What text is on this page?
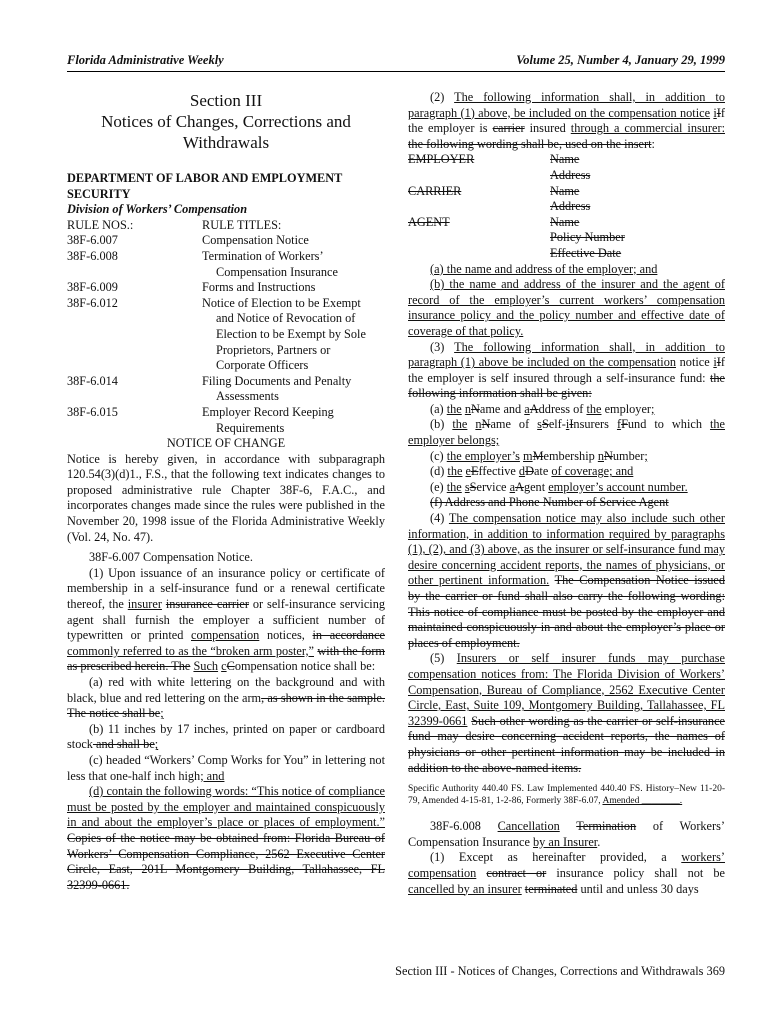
Florida Administrative Weekly	Volume 25, Number 4, January 29, 1999
Section III
Notices of Changes, Corrections and
Withdrawals
DEPARTMENT OF LABOR AND EMPLOYMENT
SECURITY
Division of Workers’ Compensation
RULE NOS.:	RULE TITLES:
38F-6.007	Compensation Notice
38F-6.008	Termination of Workers’
Compensation Insurance
38F-6.009	Forms and Instructions
38F-6.012	Notice of Election to be Exempt
and Notice of Revocation of
Election to be Exempt by Sole
Proprietors, Partners or
Corporate Officers
38F-6.014	Filing Documents and Penalty
Assessments
38F-6.015	Employer Record Keeping
Requirements
NOTICE OF CHANGE

Notice is hereby given, in accordance with subparagraph 120.54(3)(d)1., F.S., that the following text indicates changes to proposed administrative rule Chapter 38F-6, F.A.C., and incorporates changes made since the rules were published in the November 20, 1998 issue of the Florida Administrative Weekly (Vol. 24, No. 47).

38F-6.007 Compensation Notice.

(1) Upon issuance of an insurance policy or certificate of membership in a self-insurance fund or a renewal certificate thereof, the insurer insurance carrier or self-insurance servicing agent shall furnish the employer a sufficient number of typewritten or printed compensation notices, in accordance commonly referred to as the “broken arm poster,” with the form as prescribed herein. The Such cCompensation notice shall be:

(a) red with white lettering on the background and with black, blue and red lettering on the arm, as shown in the sample. The notice shall be;

(b) 11 inches by 17 inches, printed on paper or cardboard stock and shall be;

(c) headed “Workers’ Comp Works for You” in lettering not less that one-half inch high; and

(d) contain the following words: “This notice of compliance must be posted by the employer and maintained conspicuously in and about the employer’s place or places of employment.” Copies of the notice may be obtained from: Florida Bureau of Workers’ Compensation Compliance, 2562 Executive Center Circle, East, 201L Montgomery Building, Tallahassee, FL 32399-0661.

(2) The following information shall, in addition to paragraph (1) above, be included on the compensation notice iIf the employer is carrier insured through a commercial insurer: the following wording shall be, used on the insert:

EMPLOYER	Name
Address
CARRIER	Name
Address
AGENT	Name
Policy Number
Effective Date

(a) the name and address of the employer; and

(b) the name and address of the insurer and the agent of record of the employer’s current workers’ compensation insurance policy and the policy number and effective date of coverage of that policy.

(3) The following information shall, in addition to paragraph (1) above be included on the compensation notice iIf the employer is self insured through a self-insurance fund: the following information shall be given:

(a) the nName and aAddress of the employer;

(b) the nName of sSelf-iInsurers fFund to which the employer belongs;

(c) the employer’s mMembership nNumber;

(d) the eEffective dDate of coverage; and

(e) the sService aAgent employer’s account number.

(f) Address and Phone Number of Service Agent

(4) The compensation notice may also include such other information, in addition to information required by paragraphs (1), (2), and (3) above, as the insurer or self-insurance fund may desire concerning accident reports, the names of physicians, or other pertinent information. The Compensation Notice issued by the carrier or fund shall also carry the following wording: This notice of compliance must be posted by the employer and maintained conspicuously in and about the employer’s place or places of employment.

(5) Insurers or self insurer funds may purchase compensation notices from: The Florida Division of Workers’ Compensation, Bureau of Compliance, 2562 Executive Center Circle, East, Suite 109, Montgomery Building, Tallahassee, FL 32399-0661 Such other wording as the carrier or self-insurance fund may desire concerning accident reports, the names of physicians or other pertinent information may be included in addition to the above-named items.

Specific Authority 440.40 FS. Law Implemented 440.40 FS. History–New 11-20-79, Amended 4-15-81, 1-2-86, Formerly 38F-6.07, Amended ________.

38F-6.008 Cancellation Termination of Workers’ Compensation Insurance by an Insurer.

(1) Except as hereinafter provided, a workers’ compensation contract or insurance policy shall not be cancelled by an insurer terminated until and unless 30 days

Section III - Notices of Changes, Corrections and Withdrawals 369
